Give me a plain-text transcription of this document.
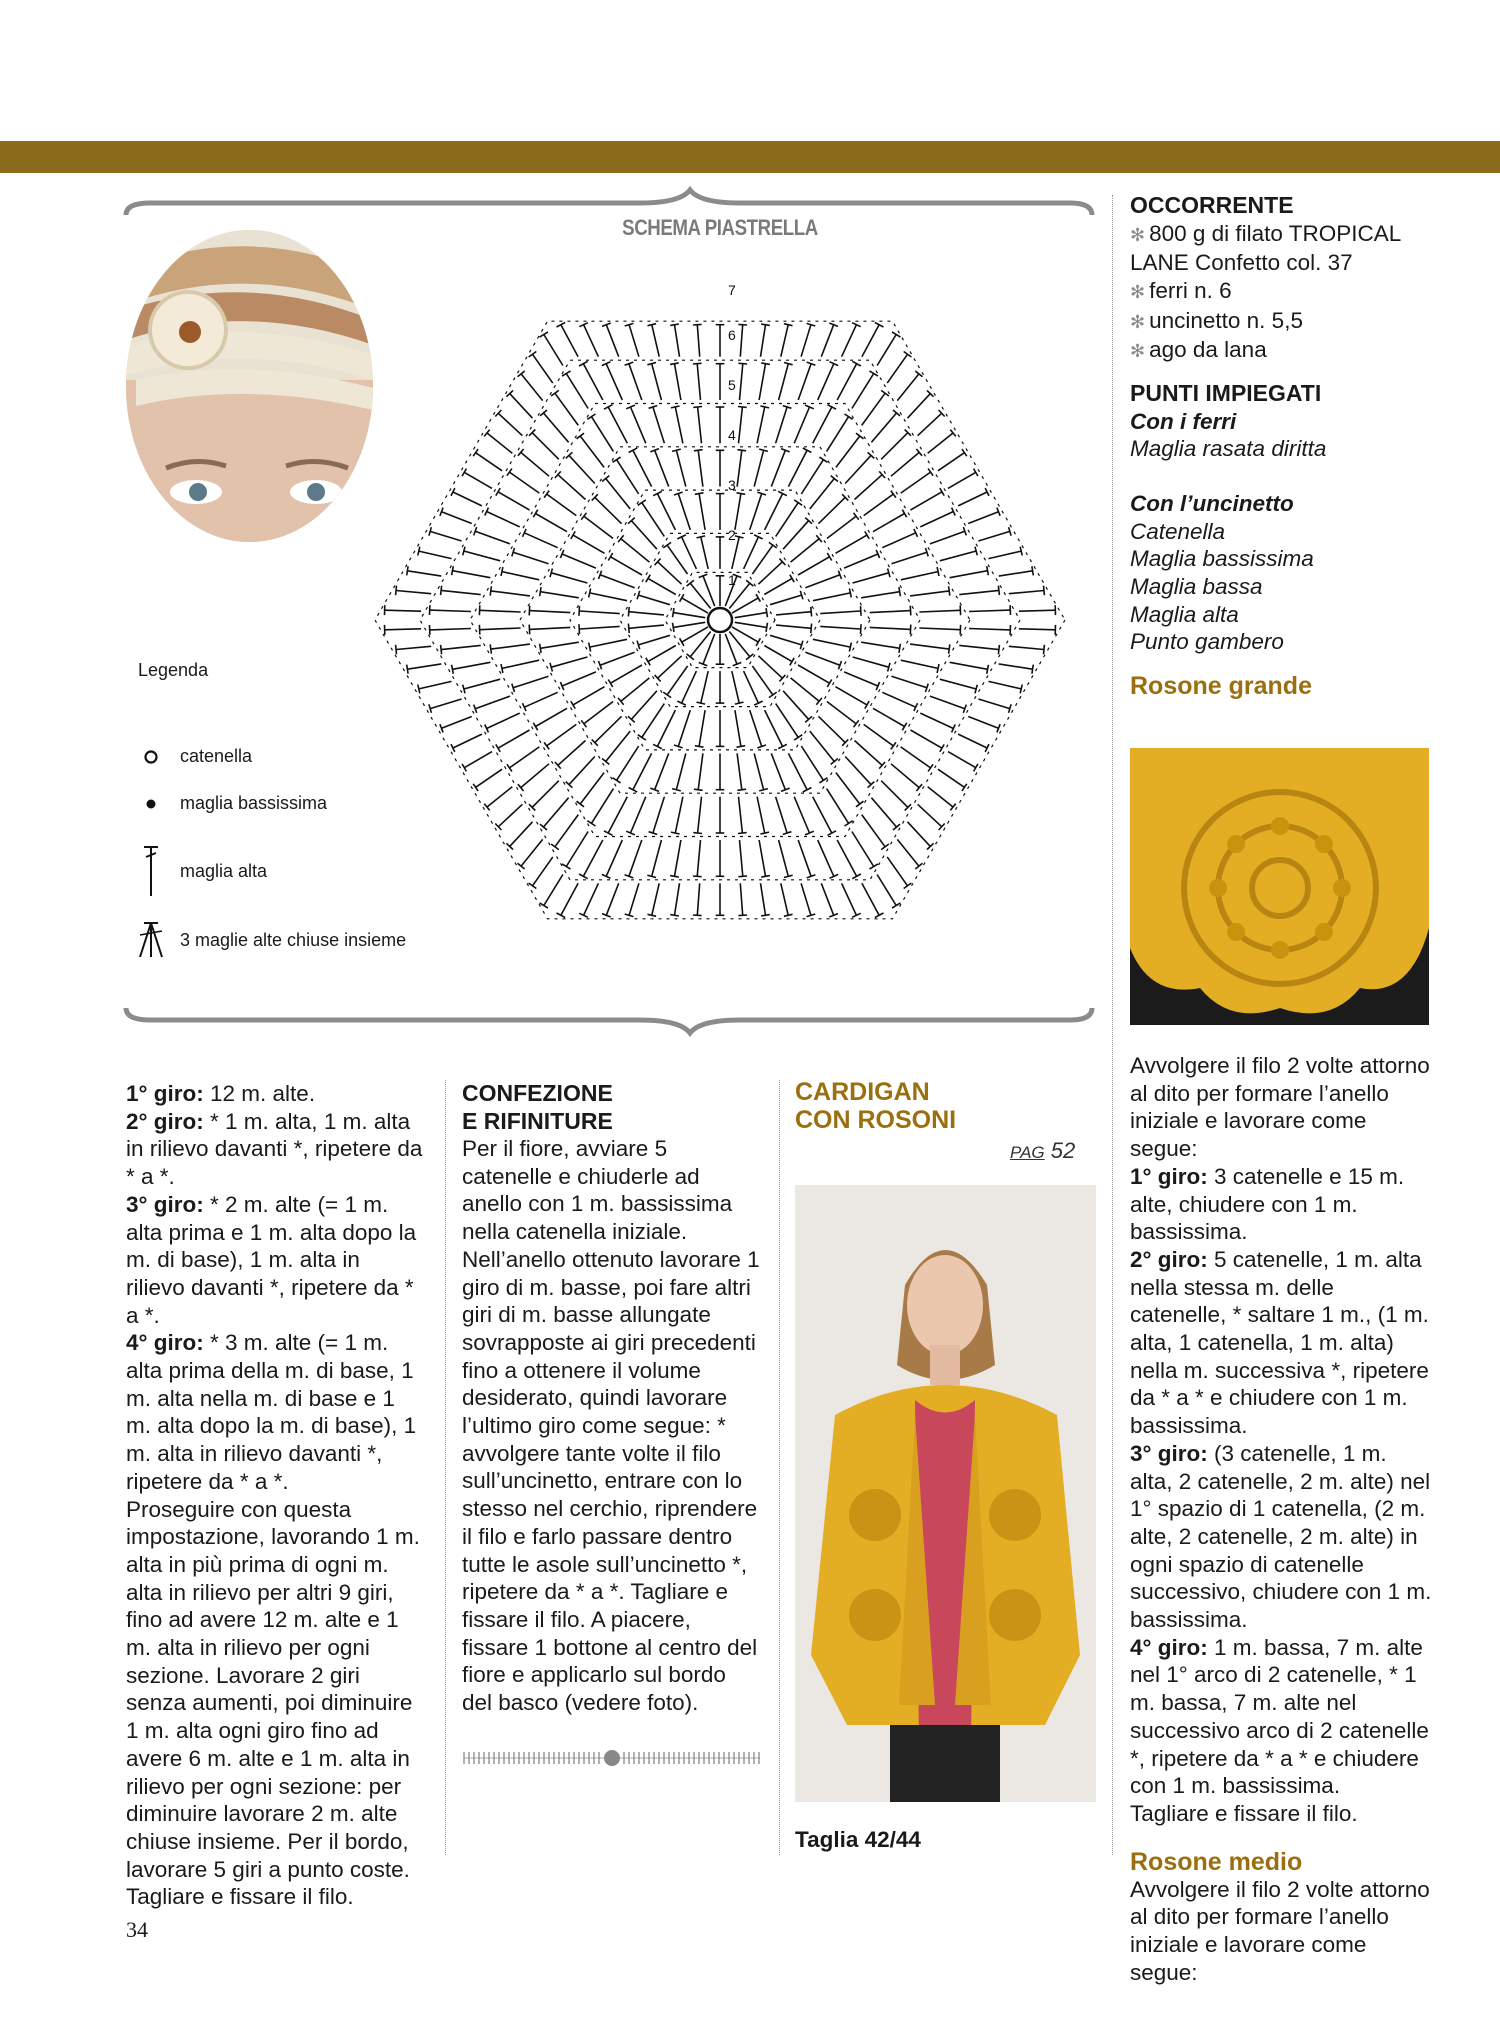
SCHEMA PIASTRELLA
Legenda
catenella
maglia bassissima
maglia alta
3 maglie alte chiuse insieme
1
2
3
4
5
6
7

1° giro: 12 m. alte.

2° giro: * 1 m. alta, 1 m. alta in rilievo davanti *, ripetere da * a *.

3° giro: * 2 m. alte (= 1 m. alta prima e 1 m. alta dopo la m. di base), 1 m. alta in rilievo davanti *, ripetere da * a *.

4° giro: * 3 m. alte (= 1 m. alta prima della m. di base, 1 m. alta nella m. di base e 1 m. alta dopo la m. di base), 1 m. alta in rilievo davanti *, ripetere da * a *.

Proseguire con questa impostazione, lavorando 1 m. alta in più prima di ogni m. alta in rilievo per altri 9 giri, fino ad avere 12 m. alte e 1 m. alta in rilievo per ogni sezione. Lavorare 2 giri senza aumenti, poi diminuire 1 m. alta ogni giro fino ad avere 6 m. alte e 1 m. alta in rilievo per ogni sezione: per diminuire lavorare 2 m. alte chiuse insieme. Per il bordo, lavorare 5 giri a punto coste. Tagliare e fissare il filo.

CONFEZIONE

E RIFINITURE

Per il fiore, avviare 5 catenelle e chiuderle ad anello con 1 m. bassissima nella catenella iniziale. Nell’anello ottenuto lavorare 1 giro di m. basse, poi fare altri giri di m. basse allungate sovrapposte ai giri precedenti fino a ottenere il volume desiderato, quindi lavorare l’ultimo giro come segue: * avvolgere tante volte il filo sull’uncinetto, entrare con lo stesso nel cerchio, riprendere il filo e farlo passare dentro tutte le asole sull’uncinetto *, ripetere da * a *. Tagliare e fissare il filo. A piacere, fissare 1 bottone al centro del fiore e applicarlo sul bordo del basco (vedere foto).

CARDIGAN

CON ROSONI

PAG 52

Taglia 42/44

OCCORRENTE

✻ 800 g di filato TROPICAL LANE Confetto col. 37

✻ ferri n. 6

✻ uncinetto n. 5,5

✻ ago da lana

PUNTI IMPIEGATI

Con i ferri

Maglia rasata diritta

Con l’uncinetto

Catenella

Maglia bassissima

Maglia bassa

Maglia alta

Punto gambero

Rosone grande

Avvolgere il filo 2 volte attorno al dito per formare l’anello iniziale e lavorare come segue:

1° giro: 3 catenelle e 15 m. alte, chiudere con 1 m. bassissima.

2° giro: 5 catenelle, 1 m. alta nella stessa m. delle catenelle, * saltare 1 m., (1 m. alta, 1 catenella, 1 m. alta) nella m. successiva *, ripetere da * a * e chiudere con 1 m. bassissima.

3° giro: (3 catenelle, 1 m. alta, 2 catenelle, 2 m. alte) nel 1° spazio di 1 catenella, (2 m. alte, 2 catenelle, 2 m. alte) in ogni spazio di catenelle successivo, chiudere con 1 m. bassissima.

4° giro: 1 m. bassa, 7 m. alte nel 1° arco di 2 catenelle, * 1 m. bassa, 7 m. alte nel successivo arco di 2 catenelle *, ripetere da * a * e chiudere con 1 m. bassissima.

Tagliare e fissare il filo.

Rosone medio

Avvolgere il filo 2 volte attorno al dito per formare l’anello iniziale e lavorare come segue:

34
